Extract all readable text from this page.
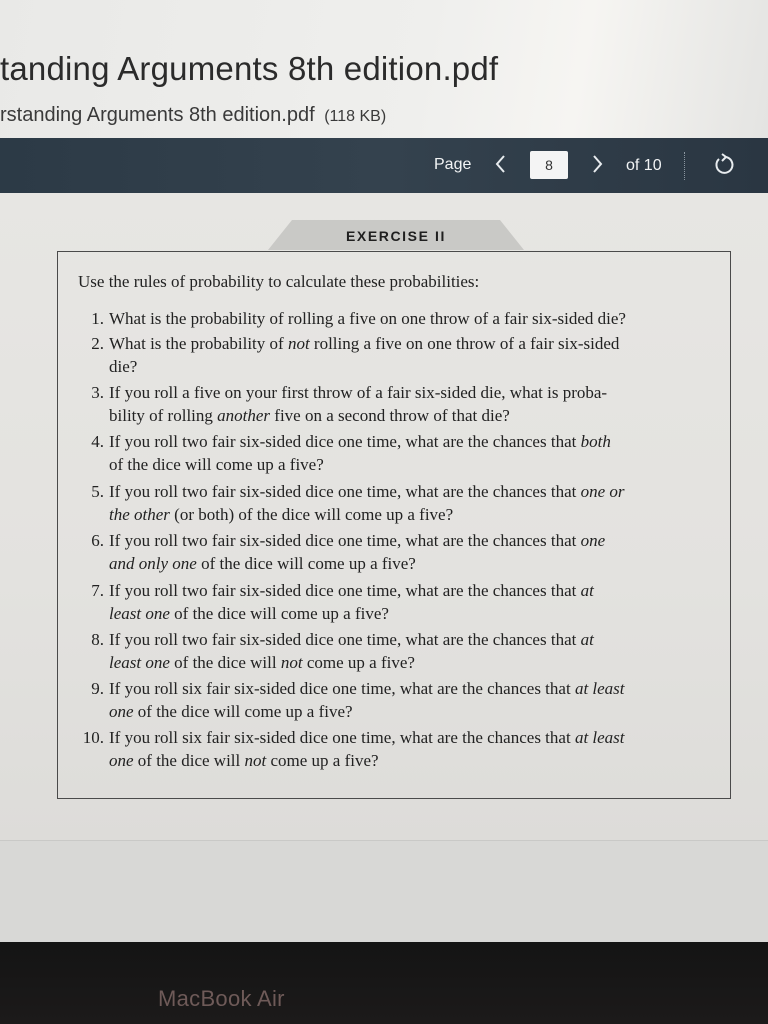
tanding Arguments 8th edition.pdf
rstanding Arguments 8th edition.pdf (118 KB)
Page
8	of 10
EXERCISE II
Use the rules of probability to calculate these probabilities:
1. What is the probability of rolling a five on one throw of a fair six-sided die?
2. What is the probability of not rolling a five on one throw of a fair six-sided
die?
3. If you roll a five on your first throw of a fair six-sided die, what is proba-
bility of rolling another five on a second throw of that die?
4. If you roll two fair six-sided dice one time, what are the chances that both
of the dice will come up a five?
5. If you roll two fair six-sided dice one time, what are the chances that one or
the other (or both) of the dice will come up a five?
6. If you roll two fair six-sided dice one time, what are the chances that one
and only one of the dice will come up a five?
7. If you roll two fair six-sided dice one time, what are the chances that at
least one of the dice will come up a five?
8. If you roll two fair six-sided dice one time, what are the chances that at
least one of the dice will not come up a five?
9. If you roll six fair six-sided dice one time, what are the chances that at least
one of the dice will come up a five?
10. If you roll six fair six-sided dice one time, what are the chances that at least
one of the dice will not come up a five?
MacBook Air
